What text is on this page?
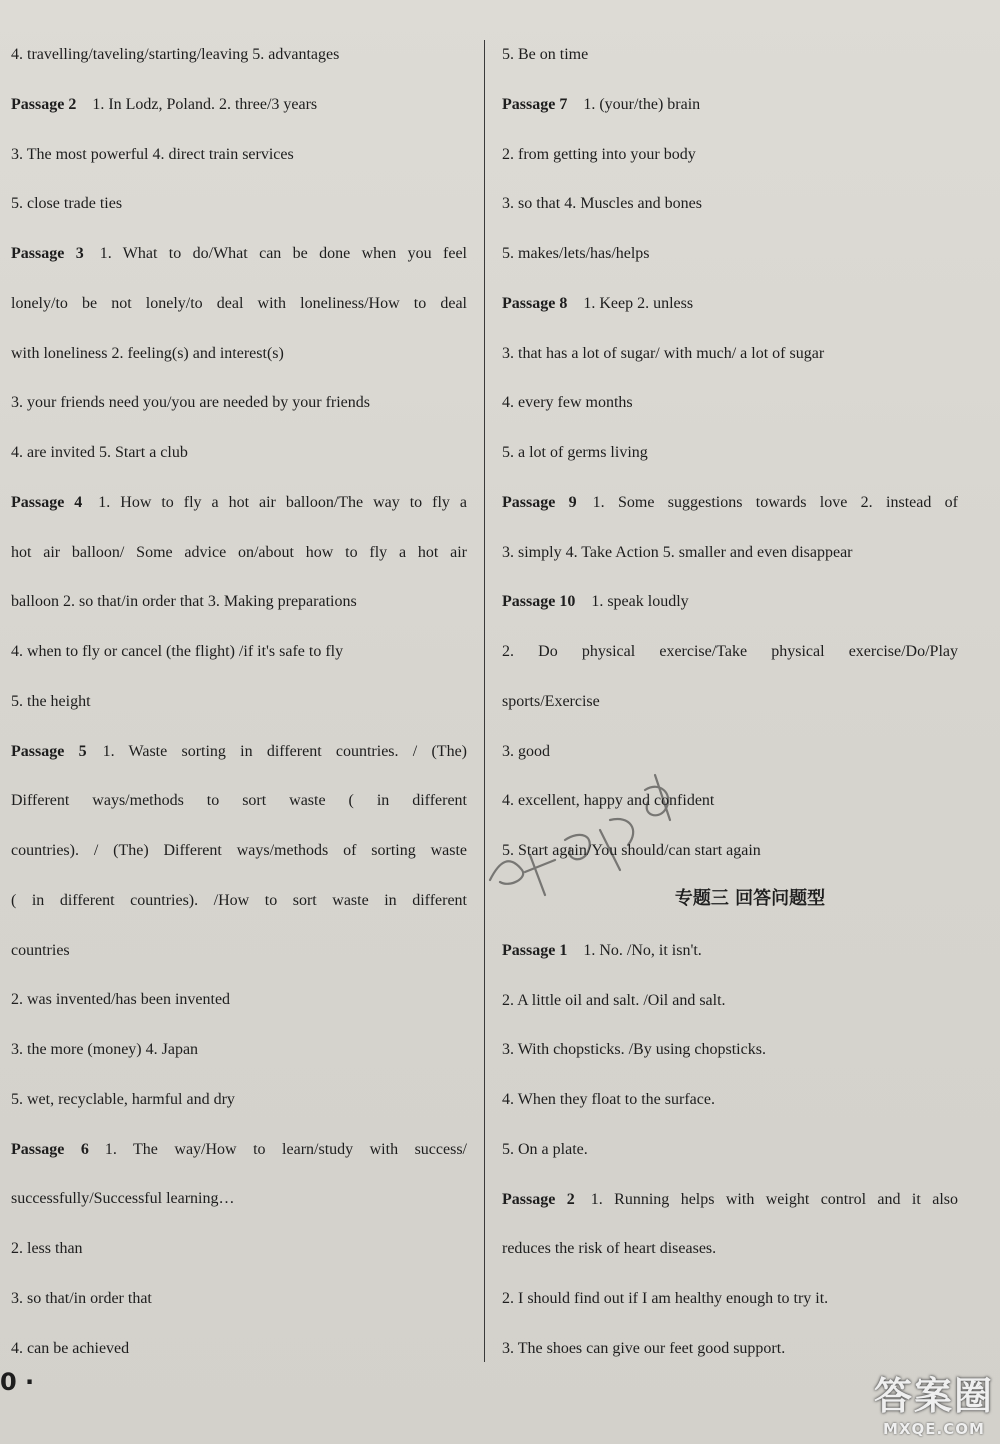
4. travelling/taveling/starting/leaving 5. advantages
Passage 2 1. In Lodz, Poland. 2. three/3 years
3. The most powerful 4. direct train services
5. close trade ties
Passage 3 1. What to do/What can be done when you feel
lonely/to be not lonely/to deal with loneliness/How to deal
with loneliness 2. feeling(s) and interest(s)
3. your friends need you/you are needed by your friends
4. are invited 5. Start a club
Passage 4 1. How to fly a hot air balloon/The way to fly a
hot air balloon/ Some advice on/about how to fly a hot air
balloon 2. so that/in order that 3. Making preparations
4. when to fly or cancel (the flight) /if it's safe to fly
5. the height
Passage 5 1. Waste sorting in different countries. / (The)
Different ways/methods to sort waste ( in different
countries). / (The) Different ways/methods of sorting waste
( in different countries). /How to sort waste in different
countries
2. was invented/has been invented
3. the more (money) 4. Japan
5. wet, recyclable, harmful and dry
Passage 6 1. The way/How to learn/study with success/
successfully/Successful learning…
2. less than
3. so that/in order that
4. can be achieved
5. Be on time
Passage 7 1. (your/the) brain
2. from getting into your body
3. so that 4. Muscles and bones
5. makes/lets/has/helps
Passage 8 1. Keep 2. unless
3. that has a lot of sugar/ with much/ a lot of sugar
4. every few months
5. a lot of germs living
Passage 9 1. Some suggestions towards love 2. instead of
3. simply 4. Take Action 5. smaller and even disappear
Passage 10 1. speak loudly
2. Do physical exercise/Take physical exercise/Do/Play
sports/Exercise
3. good
4. excellent, happy and confident
5. Start again/You should/can start again
专题三 回答问题型
Passage 1 1. No. /No, it isn't.
2. A little oil and salt. /Oil and salt.
3. With chopsticks. /By using chopsticks.
4. When they float to the surface.
5. On a plate.
Passage 2 1. Running helps with weight control and it also
reduces the risk of heart diseases.
2. I should find out if I am healthy enough to try it.
3. The shoes can give our feet good support.
0 ·	答案圈
MXQE.COM
